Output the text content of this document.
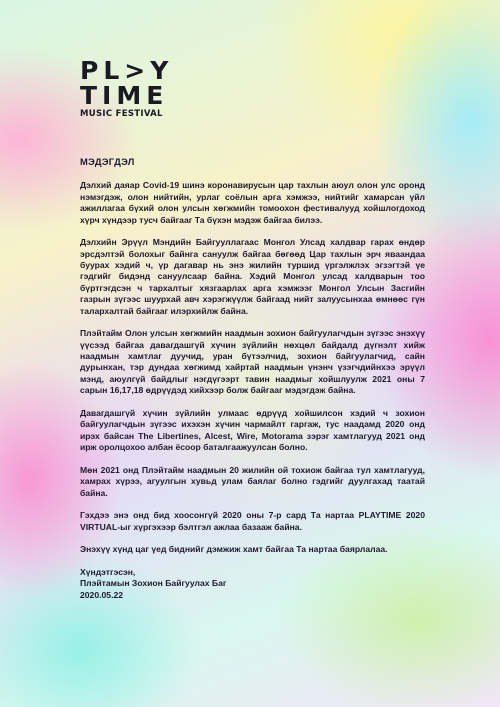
PL>Y
TIME
MUSIC FESTIVAL
МЭДЭГДЭЛ

Дэлхий даяар Covid-19 шинэ коронавирусын цар тахлын аюул олон улс оронд нэмэгдэж, олон нийтийн, урлаг соёлын арга хэмжээ, нийтийг хамарсан үйл ажиллагаа бүхий олон улсын хөгжмийн томоохон фестивалууд хойшлогдоход хүрч хүндээр тусч байгааг Та бүхэн мэдэж байгаа билээ.

Дэлхийн Эрүүл Мэндийн Байгууллагаас Монгол Улсад халдвар гарах өндөр эрсдэлтэй болохыг байнга сануулж байгаа бөгөөд Цар тахлын эрч яваандаа буурах хэдий ч, үр дагавар нь энэ жилийн туршид үргэлжлэх эгзэгтэй үе гэдгийг бидэнд сануулсаар байна. Хэдий Монгол улсад халдварын тоо бүртгэгдсэн ч тархалтыг хязгаарлах арга хэмжээг Монгол Улсын Засгийн газрын зүгээс шуурхай авч хэрэгжүүлж байгаад нийт залуусынхаа өмнөөс гүн талархалтай байгааг илэрхийлж байна.

Плэйтайм Олон улсын хөгжмийн наадмын зохион байгуулагчдын зүгээс энэхүү үүсээд байгаа давагдашгүй хүчин зүйлийн нөхцөл байдалд дүгнэлт хийж наадмын хамтлаг дуучид, уран бүтээлчид, зохион байгуулагчид, сайн дурынхан, тэр дундаа хөгжимд хайртай наадмын үнэнч үзэгчдийнхээ эрүүл мэнд, аюулгүй байдлыг нэгдүгээрт тавин наадмыг хойшлуулж 2021 оны 7 сарын 16,17,18 өдрүүдэд хийхээр болж байгааг мэдэгдэж байна.

Давагдашгүй хүчин зүйлийн улмаас өдрүүд хойшилсон хэдий ч зохион байгуулагчдын зүгээс ихэхэн хүчин чармайлт гаргаж, тус наадамд 2020 онд ирэх байсан The Libertines, Alcest, Wire, Motorama зэрэг хамтлагууд 2021 онд ирж оролцохоо албан ёсоор баталгаажуулсан болно.

Мөн 2021 онд Плэйтайм наадмын 20 жилийн ой тохиож байгаа тул хамтлагууд, хамрах хүрээ, агуулгын хувьд улам баялаг болно гэдгийг дуулгахад таатай байна.

Гэхдээ энэ онд бид хоосонгүй 2020 оны 7-р сард Та нартаа PLAYTIME 2020 VIRTUAL-ыг хүргэхээр бэлтгэл ажлаа базааж байна.

Энэхүү хүнд цаг үед биднийг дэмжиж хамт байгаа Та нартаа баярлалаа.

Хүндэтгэсэн,
Плэйтамын Зохион Байгуулах Баг
2020.05.22
